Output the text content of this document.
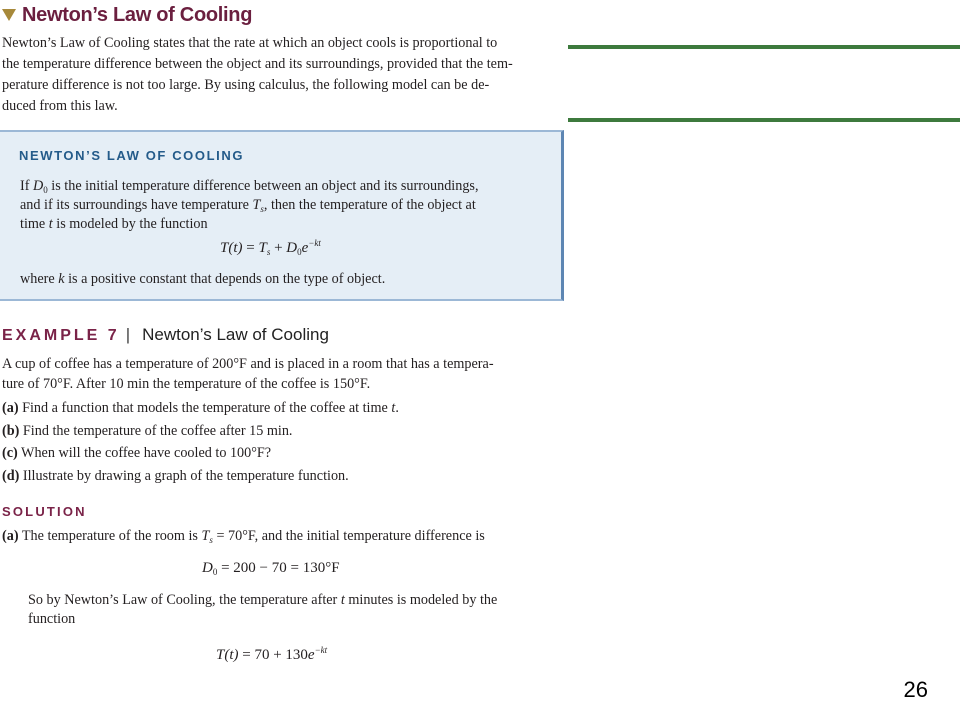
Newton’s Law of Cooling
Newton’s Law of Cooling states that the rate at which an object cools is proportional to
the temperature difference between the object and its surroundings, provided that the tem-
perature difference is not too large. By using calculus, the following model can be de-
duced from this law.
NEWTON’S LAW OF COOLING
If $D_0$ is the initial temperature difference between an object and its surroundings,
and if its surroundings have temperature $T_s$, then the temperature of the object at
time t is modeled by the function
$T(t) = T_s + D_0e^{-kt}$
where k is a positive constant that depends on the type of object.
EXAMPLE 7 | Newton’s Law of Cooling
A cup of coffee has a temperature of 200°F and is placed in a room that has a tempera-
ture of 70°F. After 10 min the temperature of the coffee is 150°F.
(a) Find a function that models the temperature of the coffee at time t.
(b) Find the temperature of the coffee after 15 min.
(c) When will the coffee have cooled to 100°F?
(d) Illustrate by drawing a graph of the temperature function.
SOLUTION
(a) The temperature of the room is $T_s = 70^\circ F$, and the initial temperature difference is
$D_0 = 200 - 70 = 130^\circ F$
So by Newton’s Law of Cooling, the temperature after t minutes is modeled by the
function
$T(t) = 70 + 130e^{-kt}$
26
